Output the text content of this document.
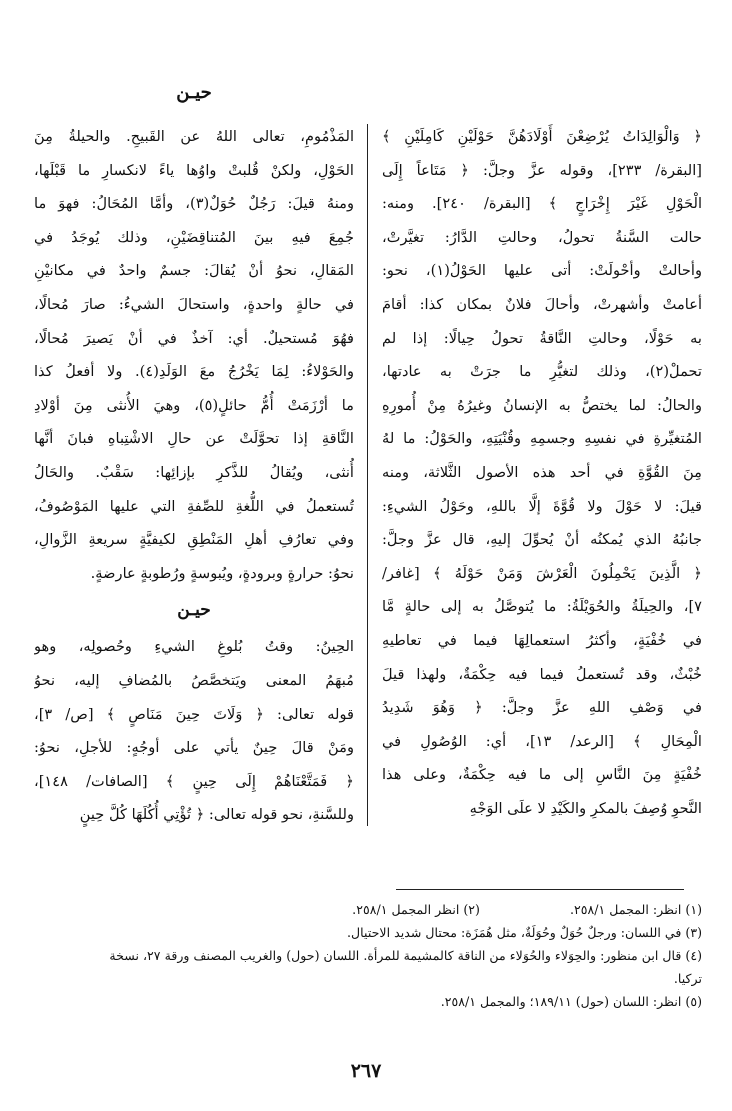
حيـن
﴿ وَالْوَالِدَاتُ يُرْضِعْنَ أَوْلَادَهُنَّ حَوْلَيْنِ كَامِلَيْنِ ﴾
[البقرة/ ٢٣٣]، وقوله عزَّ وجلَّ: ﴿ مَتَاعاً إِلَى
الْحَوْلِ غَيْرَ إِخْرَاجٍ ﴾ [البقرة/ ٢٤٠]. ومنه:
حالت السَّنةُ تحولُ، وحالتِ الدَّارُ: تغيَّرتْ،
وأحالتْ وأحْولَتْ: أتى عليها الحَوْلُ(١)، نحو:
أعامتْ وأشهرتْ، وأحالَ فلانٌ بمكان كذا: أقامَ
به حَوْلًا، وحالتِ النَّاقةُ تحولُ حِيالًا: إذا لم
تحملْ(٢)، وذلك لتغيُّرِ ما جرَتْ به عادتها،
والحالُ: لما يختصُّ به الإنسانُ وغيرُهُ مِنْ أُمورِهِ
المُتغيِّرةِ في نفسِهِ وجسمِهِ وقُنْيَتِهِ، والحَوْلُ: ما لهُ
مِنَ القُوَّةِ في أحد هذه الأصول الثَّلاثة، ومنه
قيلَ: لا حَوْلَ ولا قُوَّةَ إلَّا باللهِ، وحَوْلُ الشيءِ:
جانبُهُ الذي يُمكنُه أنْ يُحوِّلَ إليهِ، قال عزَّ وجلَّ:
﴿ الَّذِينَ يَحْمِلُونَ الْعَرْشَ وَمَنْ حَوْلَهُ ﴾ [غافر/
٧]، والحِيلَةُ والحُوَيْلَةُ: ما يُتوصَّلُ به إلى حالةٍ مَّا
في خُفْيَةٍ، وأكثرُ استعمالِهَا فيما في تعاطيهِ
خُبْثٌ، وقد تُستعملُ فيما فيه حِكْمَةٌ، ولهذا قيلَ
في وَصْفِ اللهِ عزَّ وجلَّ: ﴿ وَهُوَ شَدِيدُ
الْمِحَالِ ﴾ [الرعد/ ١٣]، أي: الوُصُولِ في
خُفْيَةٍ مِنَ النَّاسِ إلى ما فيه حِكْمَةٌ، وعلى هذا
النَّحوِ وُصِفَ بالمكرِ والكَيْدِ لا علَى الوَجْهِ
المَذْمُومِ، تعالى اللهُ عن القَبيحِ. والحيلةُ مِنَ
الحَوْلِ، ولكنْ قُلبتْ واوُها ياءً لانكسارِ ما قَبْلَها،
ومنهُ قيلَ: رَجُلٌ حُوَلٌ(٣)، وأمَّا المُحَالُ: فهوَ ما
جُمِعَ فيهِ بينَ المُتناقِضَيْنِ، وذلك يُوجَدُ في
المَقالِ، نحوُ أنْ يُقالَ: جسمٌ واحدٌ في مكانيْنِ
في حالةٍ واحدةٍ، واستحالَ الشيءُ: صارَ مُحالًا،
فهُوَ مُستحيلٌ. أي: آخذٌ في أنْ يَصيرَ مُحالًا،
والحَوْلاءُ: لِمَا يَخْرُجُ معَ الوَلَدِ(٤). ولا أفعلُ كذا
ما أرْزَمَتْ أُمُّ حائلٍ(٥)، وهيَ الأُنثى مِنَ أوْلادِ
النَّاقةِ إذا تحوَّلَتْ عن حالِ الاشْتِباهِ فبانَ أنَّها
أُنثى، ويُقالُ للذَّكرِ بإزائِها: سَقْبٌ. والحَالُ
تُستعملُ في اللُّغةِ للصِّفةِ التي عليها المَوْصُوفُ،
وفي تعارُفِ أهلِ المَنْطِقِ لكيفيَّةٍ سريعةِ الزَّوالِ،
نحوُ: حرارةٍ وبرودةٍ، ويُبوسةٍ ورُطوبةٍ عارضةٍ.
حيـن
الحِينُ: وقتُ بُلوغِ الشيءِ وحُصولِه، وهو
مُبهَمُ المعنى ويَتخصَّصُ بالمُضافِ إليه، نحوُ
قوله تعالى: ﴿ وَلَاتَ حِينَ مَنَاصٍ ﴾ [ص/ ٣]،
ومَنْ قالَ حِينٌ يأتي على أوجُهٍ: للأجلِ، نحوُ:
﴿ فَمَتَّعْنَاهُمْ إِلَى حِينٍ ﴾ [الصافات/ ١٤٨]،
وللسَّنةِ، نحو قوله تعالى: ﴿ تُؤْتِي أُكُلَهَا كُلَّ حِينٍ
(١) انظر: المجمل ٢٥٨/١.
(٢) انظر المجمل ٢٥٨/١.
(٣) في اللسان: ورجلٌ حُوَلٌ وحُوَلَةٌ، مثل هُمَزَة: محتال شديد الاحتيال.
(٤) قال ابن منظور: والحِوَلاء والحُوَلاء من الناقة كالمشيمة للمرأة. اللسان (حول) والغريب المصنف ورقة ٢٧، نسخة
تركيا.
(٥) انظر: اللسان (حول) ١٨٩/١١؛ والمجمل ٢٥٨/١.
٢٦٧
